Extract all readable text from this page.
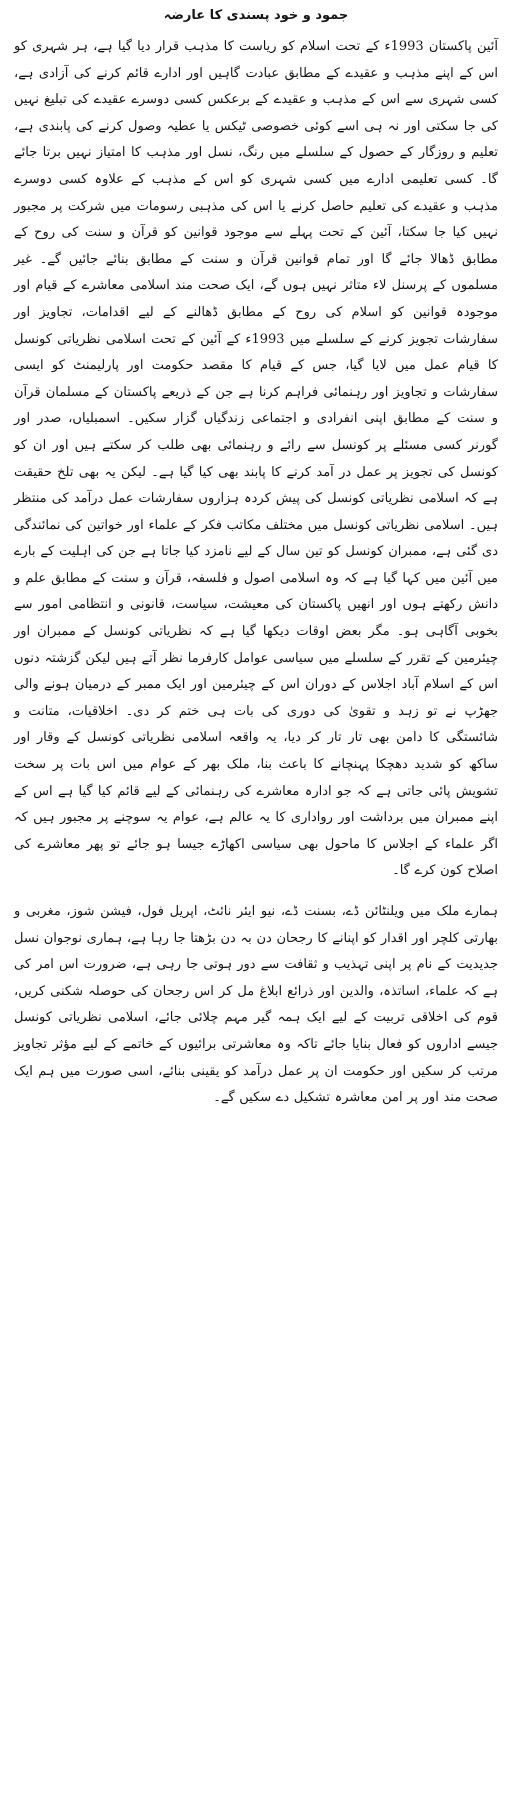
جمود و خود پسندی کا عارضہ

آئین پاکستان 1993ء کے تحت اسلام کو ریاست کا مذہب قرار دیا گیا ہے، ہر شہری کو اس کے اپنے مذہب و عقیدے کے مطابق عبادت گاہیں اور ادارے قائم کرنے کی آزادی ہے، کسی شہری سے اس کے مذہب و عقیدے کے برعکس کسی دوسرے عقیدے کی تبلیغ نہیں کی جا سکتی اور نہ ہی اسے کوئی خصوصی ٹیکس یا عطیہ وصول کرنے کی پابندی ہے، تعلیم و روزگار کے حصول کے سلسلے میں رنگ، نسل اور مذہب کا امتیاز نہیں برتا جائے گا۔ کسی تعلیمی ادارے میں کسی شہری کو اس کے مذہب کے علاوہ کسی دوسرے مذہب و عقیدے کی تعلیم حاصل کرنے یا اس کی مذہبی رسومات میں شرکت پر مجبور نہیں کیا جا سکتا، آئین کے تحت پہلے سے موجود قوانین کو قرآن و سنت کی روح کے مطابق ڈھالا جائے گا اور تمام قوانین قرآن و سنت کے مطابق بنائے جائیں گے۔ غیر مسلموں کے پرسنل لاء متاثر نہیں ہوں گے، ایک صحت مند اسلامی معاشرے کے قیام اور موجودہ قوانین کو اسلام کی روح کے مطابق ڈھالنے کے لیے اقدامات، تجاویز اور سفارشات تجویز کرنے کے سلسلے میں 1993ء کے آئین کے تحت اسلامی نظریاتی کونسل کا قیام عمل میں لایا گیا، جس کے قیام کا مقصد حکومت اور پارلیمنٹ کو ایسی سفارشات و تجاویز اور رہنمائی فراہم کرنا ہے جن کے ذریعے پاکستان کے مسلمان قرآن و سنت کے مطابق اپنی انفرادی و اجتماعی زندگیاں گزار سکیں۔ اسمبلیاں، صدر اور گورنر کسی مسئلے پر کونسل سے رائے و رہنمائی بھی طلب کر سکتے ہیں اور ان کو کونسل کی تجویز پر عمل در آمد کرنے کا پابند بھی کیا گیا ہے۔ لیکن یہ بھی تلخ حقیقت ہے کہ اسلامی نظریاتی کونسل کی پیش کردہ ہزاروں سفارشات عمل درآمد کی منتظر ہیں۔ اسلامی نظریاتی کونسل میں مختلف مکاتب فکر کے علماء اور خواتین کی نمائندگی دی گئی ہے، ممبران کونسل کو تین سال کے لیے نامزد کیا جاتا ہے جن کی اہلیت کے بارے میں آئین میں کہا گیا ہے کہ وہ اسلامی اصول و فلسفہ، قرآن و سنت کے مطابق علم و دانش رکھتے ہوں اور انھیں پاکستان کی معیشت، سیاست، قانونی و انتظامی امور سے بخوبی آگاہی ہو۔ مگر بعض اوقات دیکھا گیا ہے کہ نظریاتی کونسل کے ممبران اور چیئرمین کے تقرر کے سلسلے میں سیاسی عوامل کارفرما نظر آتے ہیں لیکن گزشتہ دنوں اس کے اسلام آباد اجلاس کے دوران اس کے چیئرمین اور ایک ممبر کے درمیان ہونے والی جھڑپ نے تو زہد و تقویٰ کی دوری کی بات ہی ختم کر دی۔ اخلاقیات، متانت و شائستگی کا دامن بھی تار تار کر دیا، یہ واقعہ اسلامی نظریاتی کونسل کے وقار اور ساکھ کو شدید دھچکا پہنچانے کا باعث بنا، ملک بھر کے عوام میں اس بات پر سخت تشویش پائی جاتی ہے کہ جو ادارہ معاشرے کی رہنمائی کے لیے قائم کیا گیا ہے اس کے اپنے ممبران میں برداشت اور رواداری کا یہ عالم ہے، عوام یہ سوچنے پر مجبور ہیں کہ اگر علماء کے اجلاس کا ماحول بھی سیاسی اکھاڑے جیسا ہو جائے تو پھر معاشرے کی اصلاح کون کرے گا۔

ہمارے ملک میں ویلنٹائن ڈے، بسنت ڈے، نیو ایئر نائٹ، اپریل فول، فیشن شوز، مغربی و بھارتی کلچر اور اقدار کو اپنانے کا رجحان دن بہ دن بڑھتا جا رہا ہے، ہماری نوجوان نسل جدیدیت کے نام پر اپنی تہذیب و ثقافت سے دور ہوتی جا رہی ہے، ضرورت اس امر کی ہے کہ علماء، اساتذہ، والدین اور ذرائع ابلاغ مل کر اس رجحان کی حوصلہ شکنی کریں، قوم کی اخلاقی تربیت کے لیے ایک ہمہ گیر مہم چلائی جائے، اسلامی نظریاتی کونسل جیسے اداروں کو فعال بنایا جائے تاکہ وہ معاشرتی برائیوں کے خاتمے کے لیے مؤثر تجاویز مرتب کر سکیں اور حکومت ان پر عمل درآمد کو یقینی بنائے، اسی صورت میں ہم ایک صحت مند اور پر امن معاشرہ تشکیل دے سکیں گے۔
